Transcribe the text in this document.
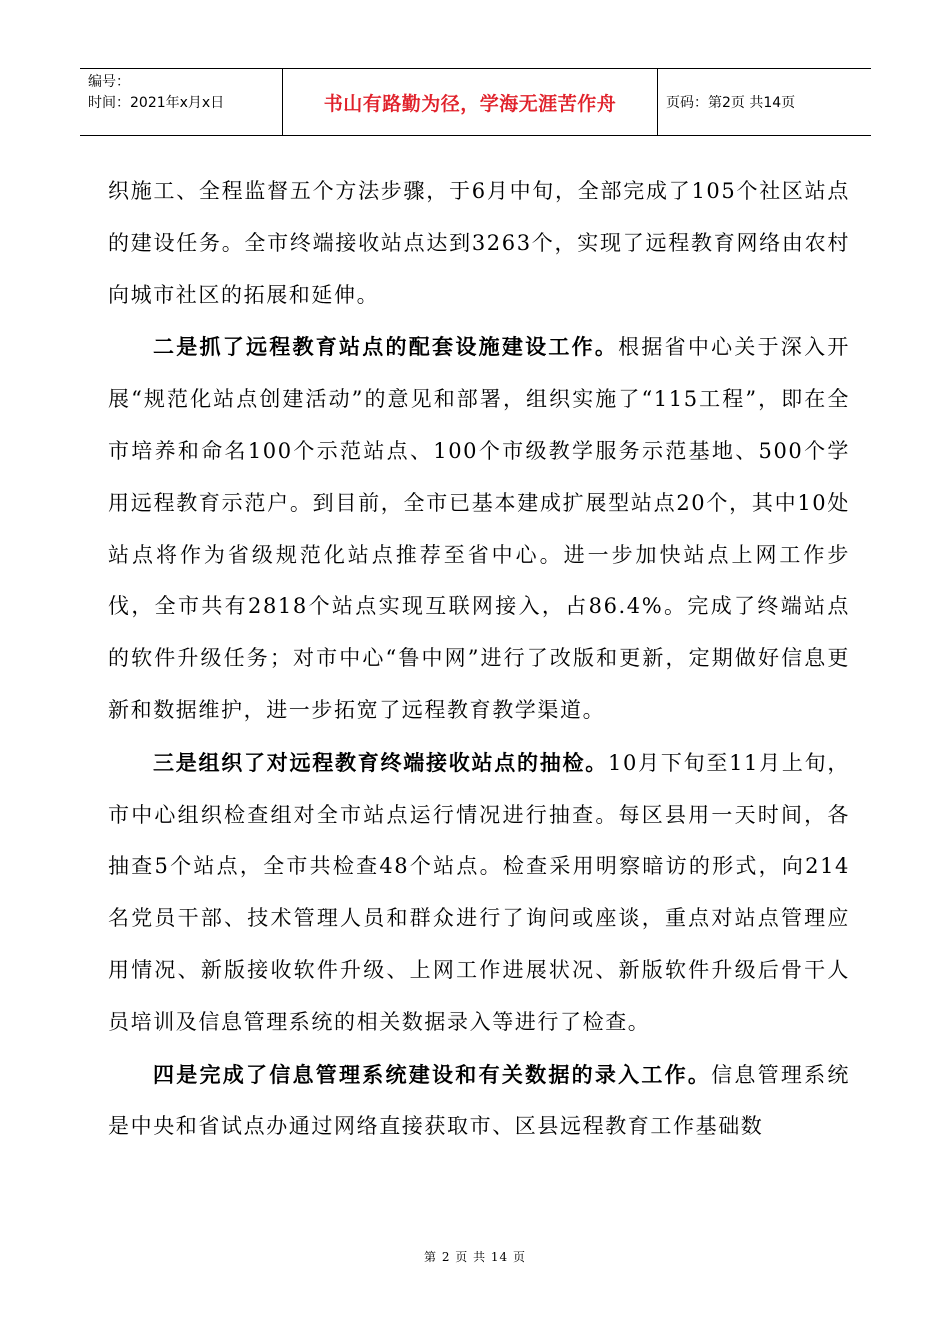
编号：
时间：2021年x月x日	书山有路勤为径，学海无涯苦作舟	页码：第2页 共14页

织施工、全程监督五个方法步骤，于6月中旬，全部完成了105个社区站点的建设任务。全市终端接收站点达到3263个，实现了远程教育网络由农村向城市社区的拓展和延伸。

二是抓了远程教育站点的配套设施建设工作。根据省中心关于深入开展“规范化站点创建活动”的意见和部署，组织实施了“115工程”，即在全市培养和命名100个示范站点、100个市级教学服务示范基地、500个学用远程教育示范户。到目前，全市已基本建成扩展型站点20个，其中10处站点将作为省级规范化站点推荐至省中心。进一步加快站点上网工作步伐，全市共有2818个站点实现互联网接入，占86.4%。完成了终端站点的软件升级任务；对市中心“鲁中网”进行了改版和更新，定期做好信息更新和数据维护，进一步拓宽了远程教育教学渠道。

三是组织了对远程教育终端接收站点的抽检。10月下旬至11月上旬，市中心组织检查组对全市站点运行情况进行抽查。每区县用一天时间，各抽查5个站点，全市共检查48个站点。检查采用明察暗访的形式，向214名党员干部、技术管理人员和群众进行了询问或座谈，重点对站点管理应用情况、新版接收软件升级、上网工作进展状况、新版软件升级后骨干人员培训及信息管理系统的相关数据录入等进行了检查。

四是完成了信息管理系统建设和有关数据的录入工作。信息管理系统是中央和省试点办通过网络直接获取市、区县远程教育工作基础数

第 2 页 共 14 页
